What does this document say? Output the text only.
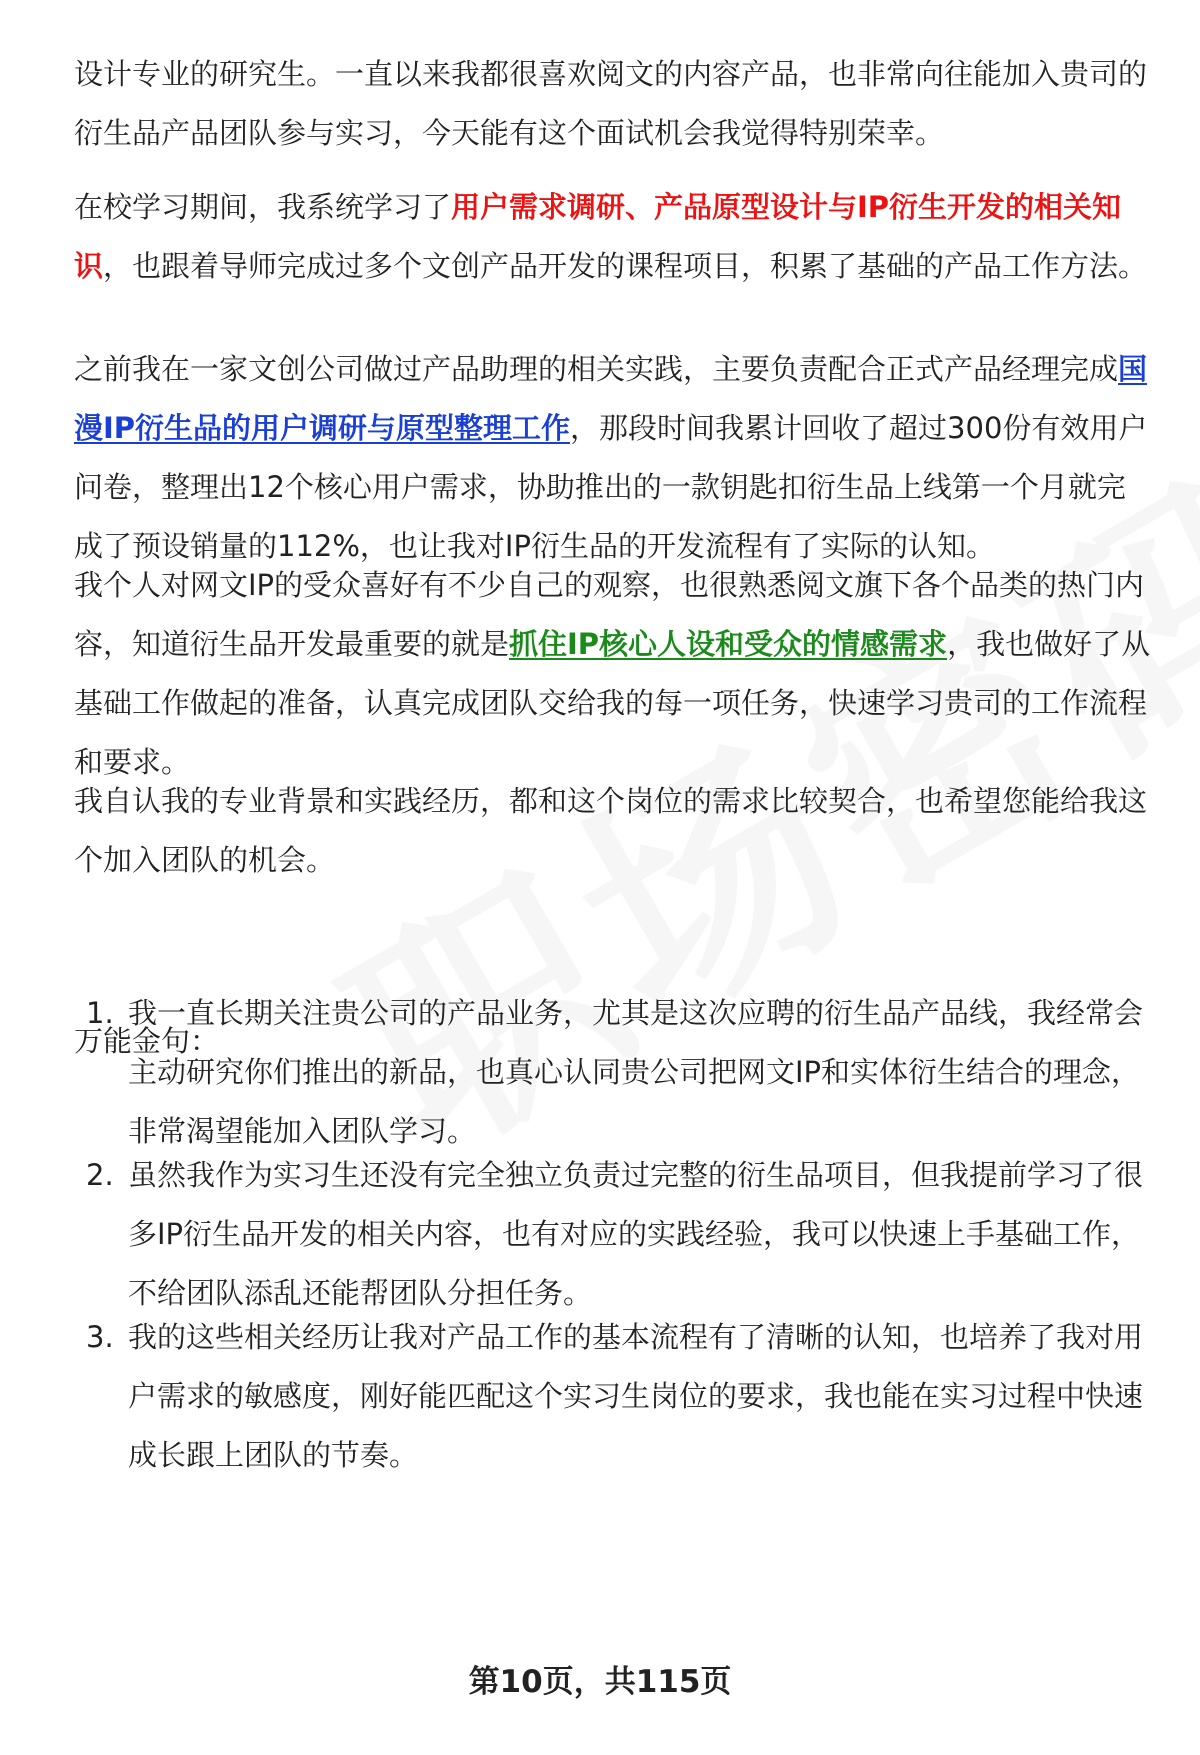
设计专业的研究生。一直以来我都很喜欢阅文的内容产品，也非常向往能加入贵司的衍生品产品团队参与实习，今天能有这个面试机会我觉得特别荣幸。

在校学习期间，我系统学习了用户需求调研、产品原型设计与IP衍生开发的相关知识，也跟着导师完成过多个文创产品开发的课程项目，积累了基础的产品工作方法。

之前我在一家文创公司做过产品助理的相关实践，主要负责配合正式产品经理完成国漫IP衍生品的用户调研与原型整理工作，那段时间我累计回收了超过300份有效用户问卷，整理出12个核心用户需求，协助推出的一款钥匙扣衍生品上线第一个月就完成了预设销量的112%，也让我对IP衍生品的开发流程有了实际的认知。

我个人对网文IP的受众喜好有不少自己的观察，也很熟悉阅文旗下各个品类的热门内容，知道衍生品开发最重要的就是抓住IP核心人设和受众的情感需求，我也做好了从基础工作做起的准备，认真完成团队交给我的每一项任务，快速学习贵司的工作流程和要求。

我自认我的专业背景和实践经历，都和这个岗位的需求比较契合，也希望您能给我这个加入团队的机会。

万能金句：
1. 我一直长期关注贵公司的产品业务，尤其是这次应聘的衍生品产品线，我经常会主动研究你们推出的新品，也真心认同贵公司把网文IP和实体衍生结合的理念，非常渴望能加入团队学习。
2. 虽然我作为实习生还没有完全独立负责过完整的衍生品项目，但我提前学习了很多IP衍生品开发的相关内容，也有对应的实践经验，我可以快速上手基础工作，不给团队添乱还能帮团队分担任务。
3. 我的这些相关经历让我对产品工作的基本流程有了清晰的认知，也培养了我对用户需求的敏感度，刚好能匹配这个实习生岗位的要求，我也能在实习过程中快速成长跟上团队的节奏。
第10页，共115页
